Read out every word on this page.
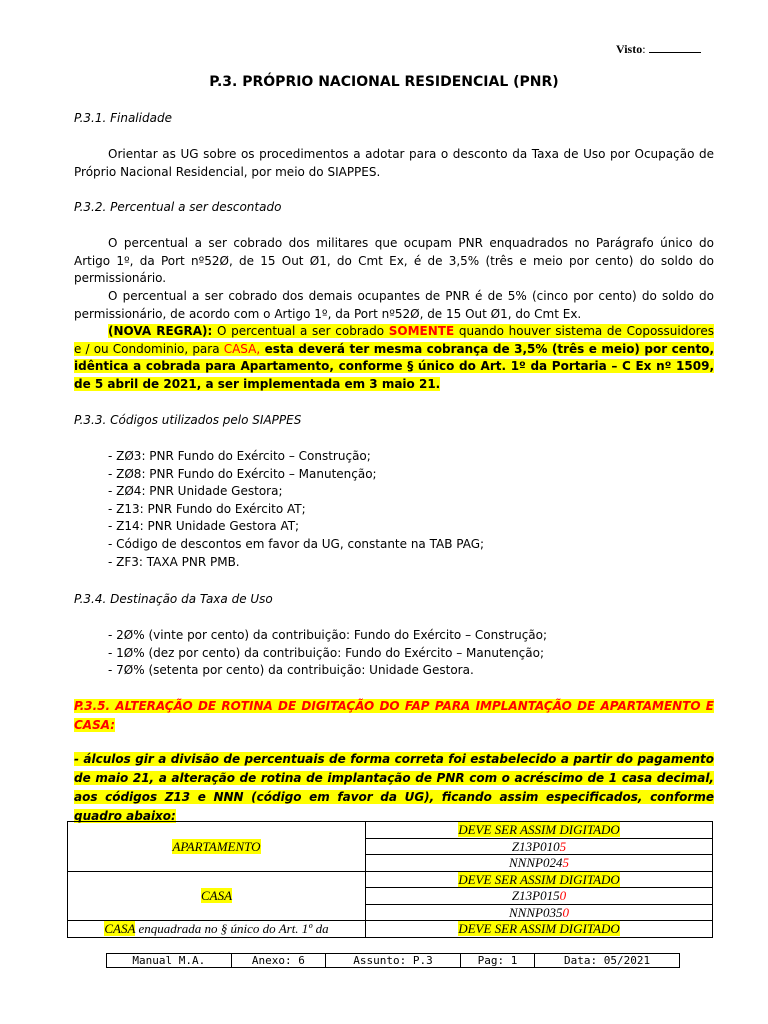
Visto:
P.3. PRÓPRIO NACIONAL RESIDENCIAL (PNR)
P.3.1. Finalidade
Orientar as UG sobre os procedimentos a adotar para o desconto da Taxa de Uso por Ocupação de Próprio Nacional Residencial, por meio do SIAPPES.
P.3.2. Percentual a ser descontado
O percentual a ser cobrado dos militares que ocupam PNR enquadrados no Parágrafo único do Artigo 1º, da Port nº52Ø, de 15 Out Ø1, do Cmt Ex, é de 3,5% (três e meio por cento) do soldo do permissionário.
O percentual a ser cobrado dos demais ocupantes de PNR é de 5% (cinco por cento) do soldo do permissionário, de acordo com o Artigo 1º, da Port nº52Ø, de 15 Out Ø1, do Cmt Ex.
(NOVA REGRA): O percentual a ser cobrado SOMENTE quando houver sistema de Copossuidores e / ou Condominio, para CASA, esta deverá ter mesma cobrança de 3,5% (três e meio) por cento, idêntica a cobrada para Apartamento, conforme § único do Art. 1º da Portaria – C Ex nº 1509, de 5 abril de 2021, a ser implementada em 3 maio 21.
P.3.3. Códigos utilizados pelo SIAPPES
- ZØ3: PNR Fundo do Exército – Construção;
- ZØ8: PNR Fundo do Exército – Manutenção;
- ZØ4: PNR Unidade Gestora;
- Z13: PNR Fundo do Exército AT;
- Z14: PNR Unidade Gestora AT;
- Código de descontos em favor da UG, constante na TAB PAG;
- ZF3: TAXA PNR PMB.
P.3.4. Destinação da Taxa de Uso
- 2Ø% (vinte por cento) da contribuição: Fundo do Exército – Construção;
- 1Ø% (dez por cento) da contribuição: Fundo do Exército – Manutenção;
- 7Ø% (setenta por cento) da contribuição: Unidade Gestora.
P.3.5. ALTERAÇÃO DE ROTINA DE DIGITAÇÃO DO FAP PARA IMPLANTAÇÃO DE APARTAMENTO E CASA:
- álculos gir a divisão de percentuais de forma correta foi estabelecido a partir do pagamento de maio 21, a alteração de rotina de implantação de PNR com o acréscimo de 1 casa decimal, aos códigos Z13 e NNN (código em favor da UG), ficando assim especificados, conforme quadro abaixo:
APARTAMENTO	DEVE SER ASSIM DIGITADO
	Z13P0105
	NNNP0245
CASA	DEVE SER ASSIM DIGITADO
	Z13P0150
	NNNP0350
CASA enquadrada no § único do Art. 1º da	DEVE SER ASSIM DIGITADO
Manual M.A.	Anexo: 6	Assunto: P.3	Pag: 1	Data: 05/2021
